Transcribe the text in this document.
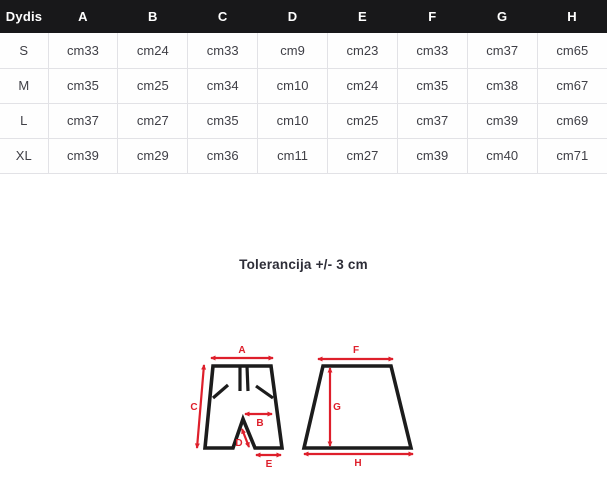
Dydis	A	B	C	D	E	F	G	H
S	cm33	cm24	cm33	cm9	cm23	cm33	cm37	cm65
M	cm35	cm25	cm34	cm10	cm24	cm35	cm38	cm67
L	cm37	cm27	cm35	cm10	cm25	cm37	cm39	cm69
XL	cm39	cm29	cm36	cm11	cm27	cm39	cm40	cm71
Tolerancija +/- 3 cm
A
C
B
D
E
F
G
H
